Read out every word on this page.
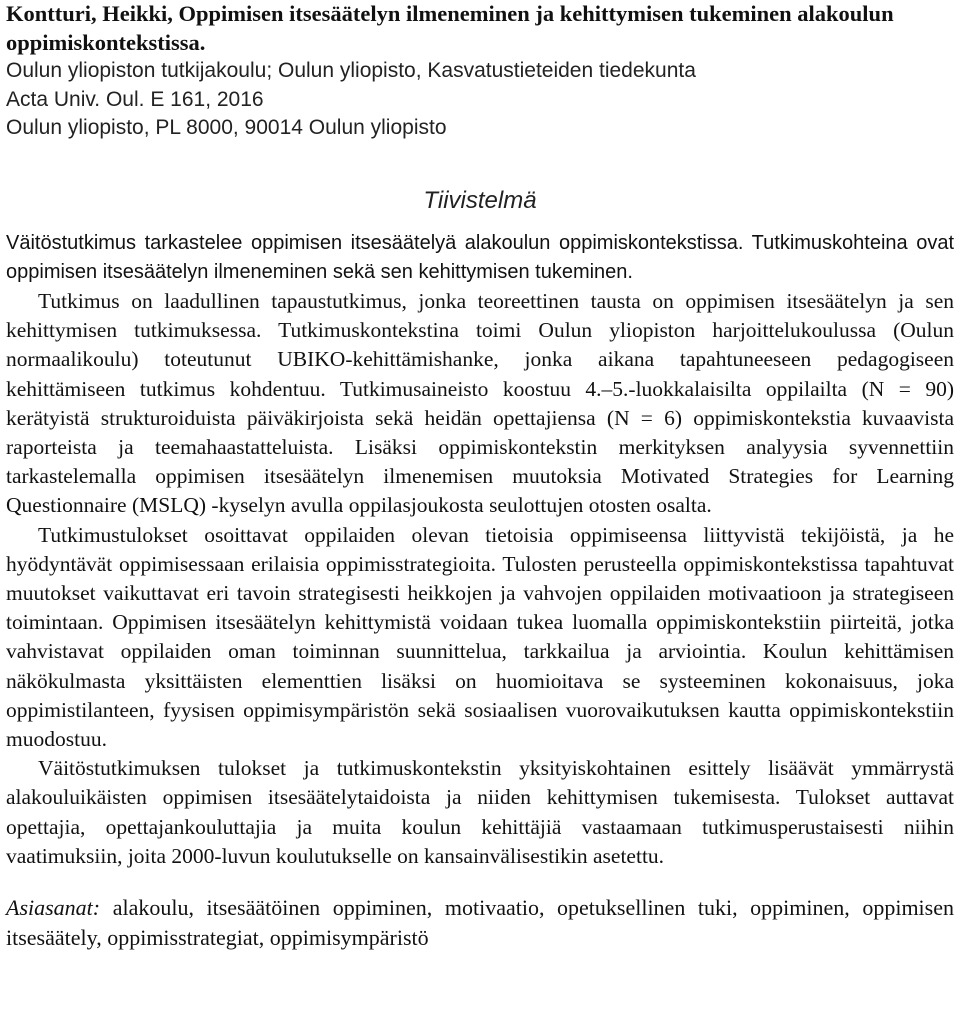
Kontturi, Heikki, Oppimisen itsesäätelyn ilmeneminen ja kehittymisen tukeminen alakoulun oppimiskontekstissa.
Oulun yliopiston tutkijakoulu; Oulun yliopisto, Kasvatustieteiden tiedekunta
Acta Univ. Oul. E 161, 2016
Oulun yliopisto, PL 8000, 90014 Oulun yliopisto
Tiivistelmä

Väitöstutkimus tarkastelee oppimisen itsesäätelyä alakoulun oppimiskontekstissa. Tutkimuskohteina ovat oppimisen itsesäätelyn ilmeneminen sekä sen kehittymisen tukeminen.

Tutkimus on laadullinen tapaustutkimus, jonka teoreettinen tausta on oppimisen itsesäätelyn ja sen kehittymisen tutkimuksessa. Tutkimuskontekstina toimi Oulun yliopiston harjoittelukoulussa (Oulun normaalikoulu) toteutunut UBIKO-kehittämishanke, jonka aikana tapahtuneeseen pedagogiseen kehittämiseen tutkimus kohdentuu. Tutkimusaineisto koostuu 4.–5.-luokkalaisilta oppilailta (N = 90) kerätyistä strukturoiduista päiväkirjoista sekä heidän opettajiensa (N = 6) oppimiskontekstia kuvaavista raporteista ja teemahaastatteluista. Lisäksi oppimiskontekstin merkityksen analyysia syvennettiin tarkastelemalla oppimisen itsesäätelyn ilmenemisen muutoksia Motivated Strategies for Learning Questionnaire (MSLQ) -kyselyn avulla oppilasjoukosta seulottujen otosten osalta.

Tutkimustulokset osoittavat oppilaiden olevan tietoisia oppimiseensa liittyvistä tekijöistä, ja he hyödyntävät oppimisessaan erilaisia oppimisstrategioita. Tulosten perusteella oppimiskontekstissa tapahtuvat muutokset vaikuttavat eri tavoin strategisesti heikkojen ja vahvojen oppilaiden motivaatioon ja strategiseen toimintaan. Oppimisen itsesäätelyn kehittymistä voidaan tukea luomalla oppimiskontekstiin piirteitä, jotka vahvistavat oppilaiden oman toiminnan suunnittelua, tarkkailua ja arviointia. Koulun kehittämisen näkökulmasta yksittäisten elementtien lisäksi on huomioitava se systeeminen kokonaisuus, joka oppimistilanteen, fyysisen oppimisympäristön sekä sosiaalisen vuorovaikutuksen kautta oppimiskontekstiin muodostuu.

Väitöstutkimuksen tulokset ja tutkimuskontekstin yksityiskohtainen esittely lisäävät ymmärrystä alakouluikäisten oppimisen itsesäätelytaidoista ja niiden kehittymisen tukemisesta. Tulokset auttavat opettajia, opettajankouluttajia ja muita koulun kehittäjiä vastaamaan tutkimusperustaisesti niihin vaatimuksiin, joita 2000-luvun koulutukselle on kansainvälisestikin asetettu.

Asiasanat: alakoulu, itsesäätöinen oppiminen, motivaatio, opetuksellinen tuki, oppiminen, oppimisen itsesäätely, oppimisstrategiat, oppimisympäristö
